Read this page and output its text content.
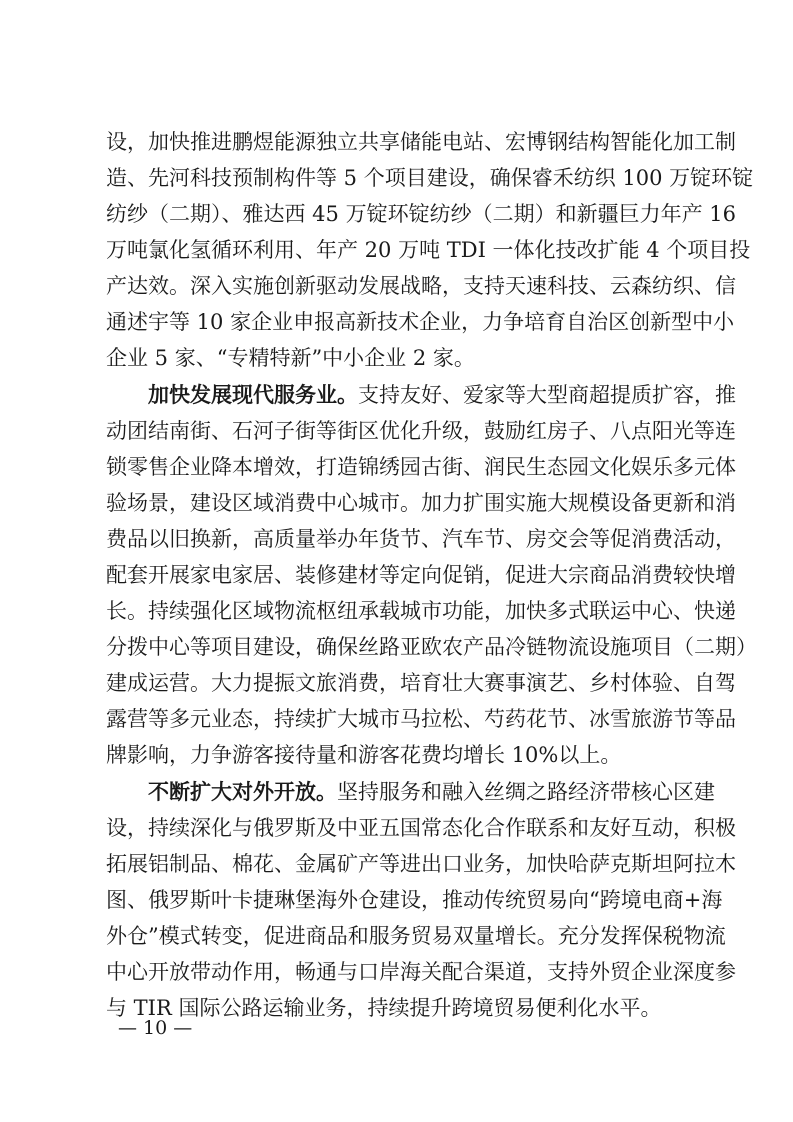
设，加快推进鹏煜能源独立共享储能电站、宏博钢结构智能化加工制
造、先河科技预制构件等 5 个项目建设，确保睿禾纺织 100 万锭环锭
纺纱（二期）、雅达西 45 万锭环锭纺纱（二期）和新疆巨力年产 16
万吨氯化氢循环利用、年产 20 万吨 TDI 一体化技改扩能 4 个项目投
产达效。深入实施创新驱动发展战略，支持天速科技、云森纺织、信
通述宇等 10 家企业申报高新技术企业，力争培育自治区创新型中小
企业 5 家、“专精特新”中小企业 2 家。
加快发展现代服务业。支持友好、爱家等大型商超提质扩容，推
动团结南街、石河子街等街区优化升级，鼓励红房子、八点阳光等连
锁零售企业降本增效，打造锦绣园古街、润民生态园文化娱乐多元体
验场景，建设区域消费中心城市。加力扩围实施大规模设备更新和消
费品以旧换新，高质量举办年货节、汽车节、房交会等促消费活动，
配套开展家电家居、装修建材等定向促销，促进大宗商品消费较快增
长。持续强化区域物流枢纽承载城市功能，加快多式联运中心、快递
分拨中心等项目建设，确保丝路亚欧农产品冷链物流设施项目（二期）
建成运营。大力提振文旅消费，培育壮大赛事演艺、乡村体验、自驾
露营等多元业态，持续扩大城市马拉松、芍药花节、冰雪旅游节等品
牌影响，力争游客接待量和游客花费均增长 10%以上。
不断扩大对外开放。坚持服务和融入丝绸之路经济带核心区建
设，持续深化与俄罗斯及中亚五国常态化合作联系和友好互动，积极
拓展铝制品、棉花、金属矿产等进出口业务，加快哈萨克斯坦阿拉木
图、俄罗斯叶卡捷琳堡海外仓建设，推动传统贸易向“跨境电商+海
外仓”模式转变，促进商品和服务贸易双量增长。充分发挥保税物流
中心开放带动作用，畅通与口岸海关配合渠道，支持外贸企业深度参
与 TIR 国际公路运输业务，持续提升跨境贸易便利化水平。
— 10 —
